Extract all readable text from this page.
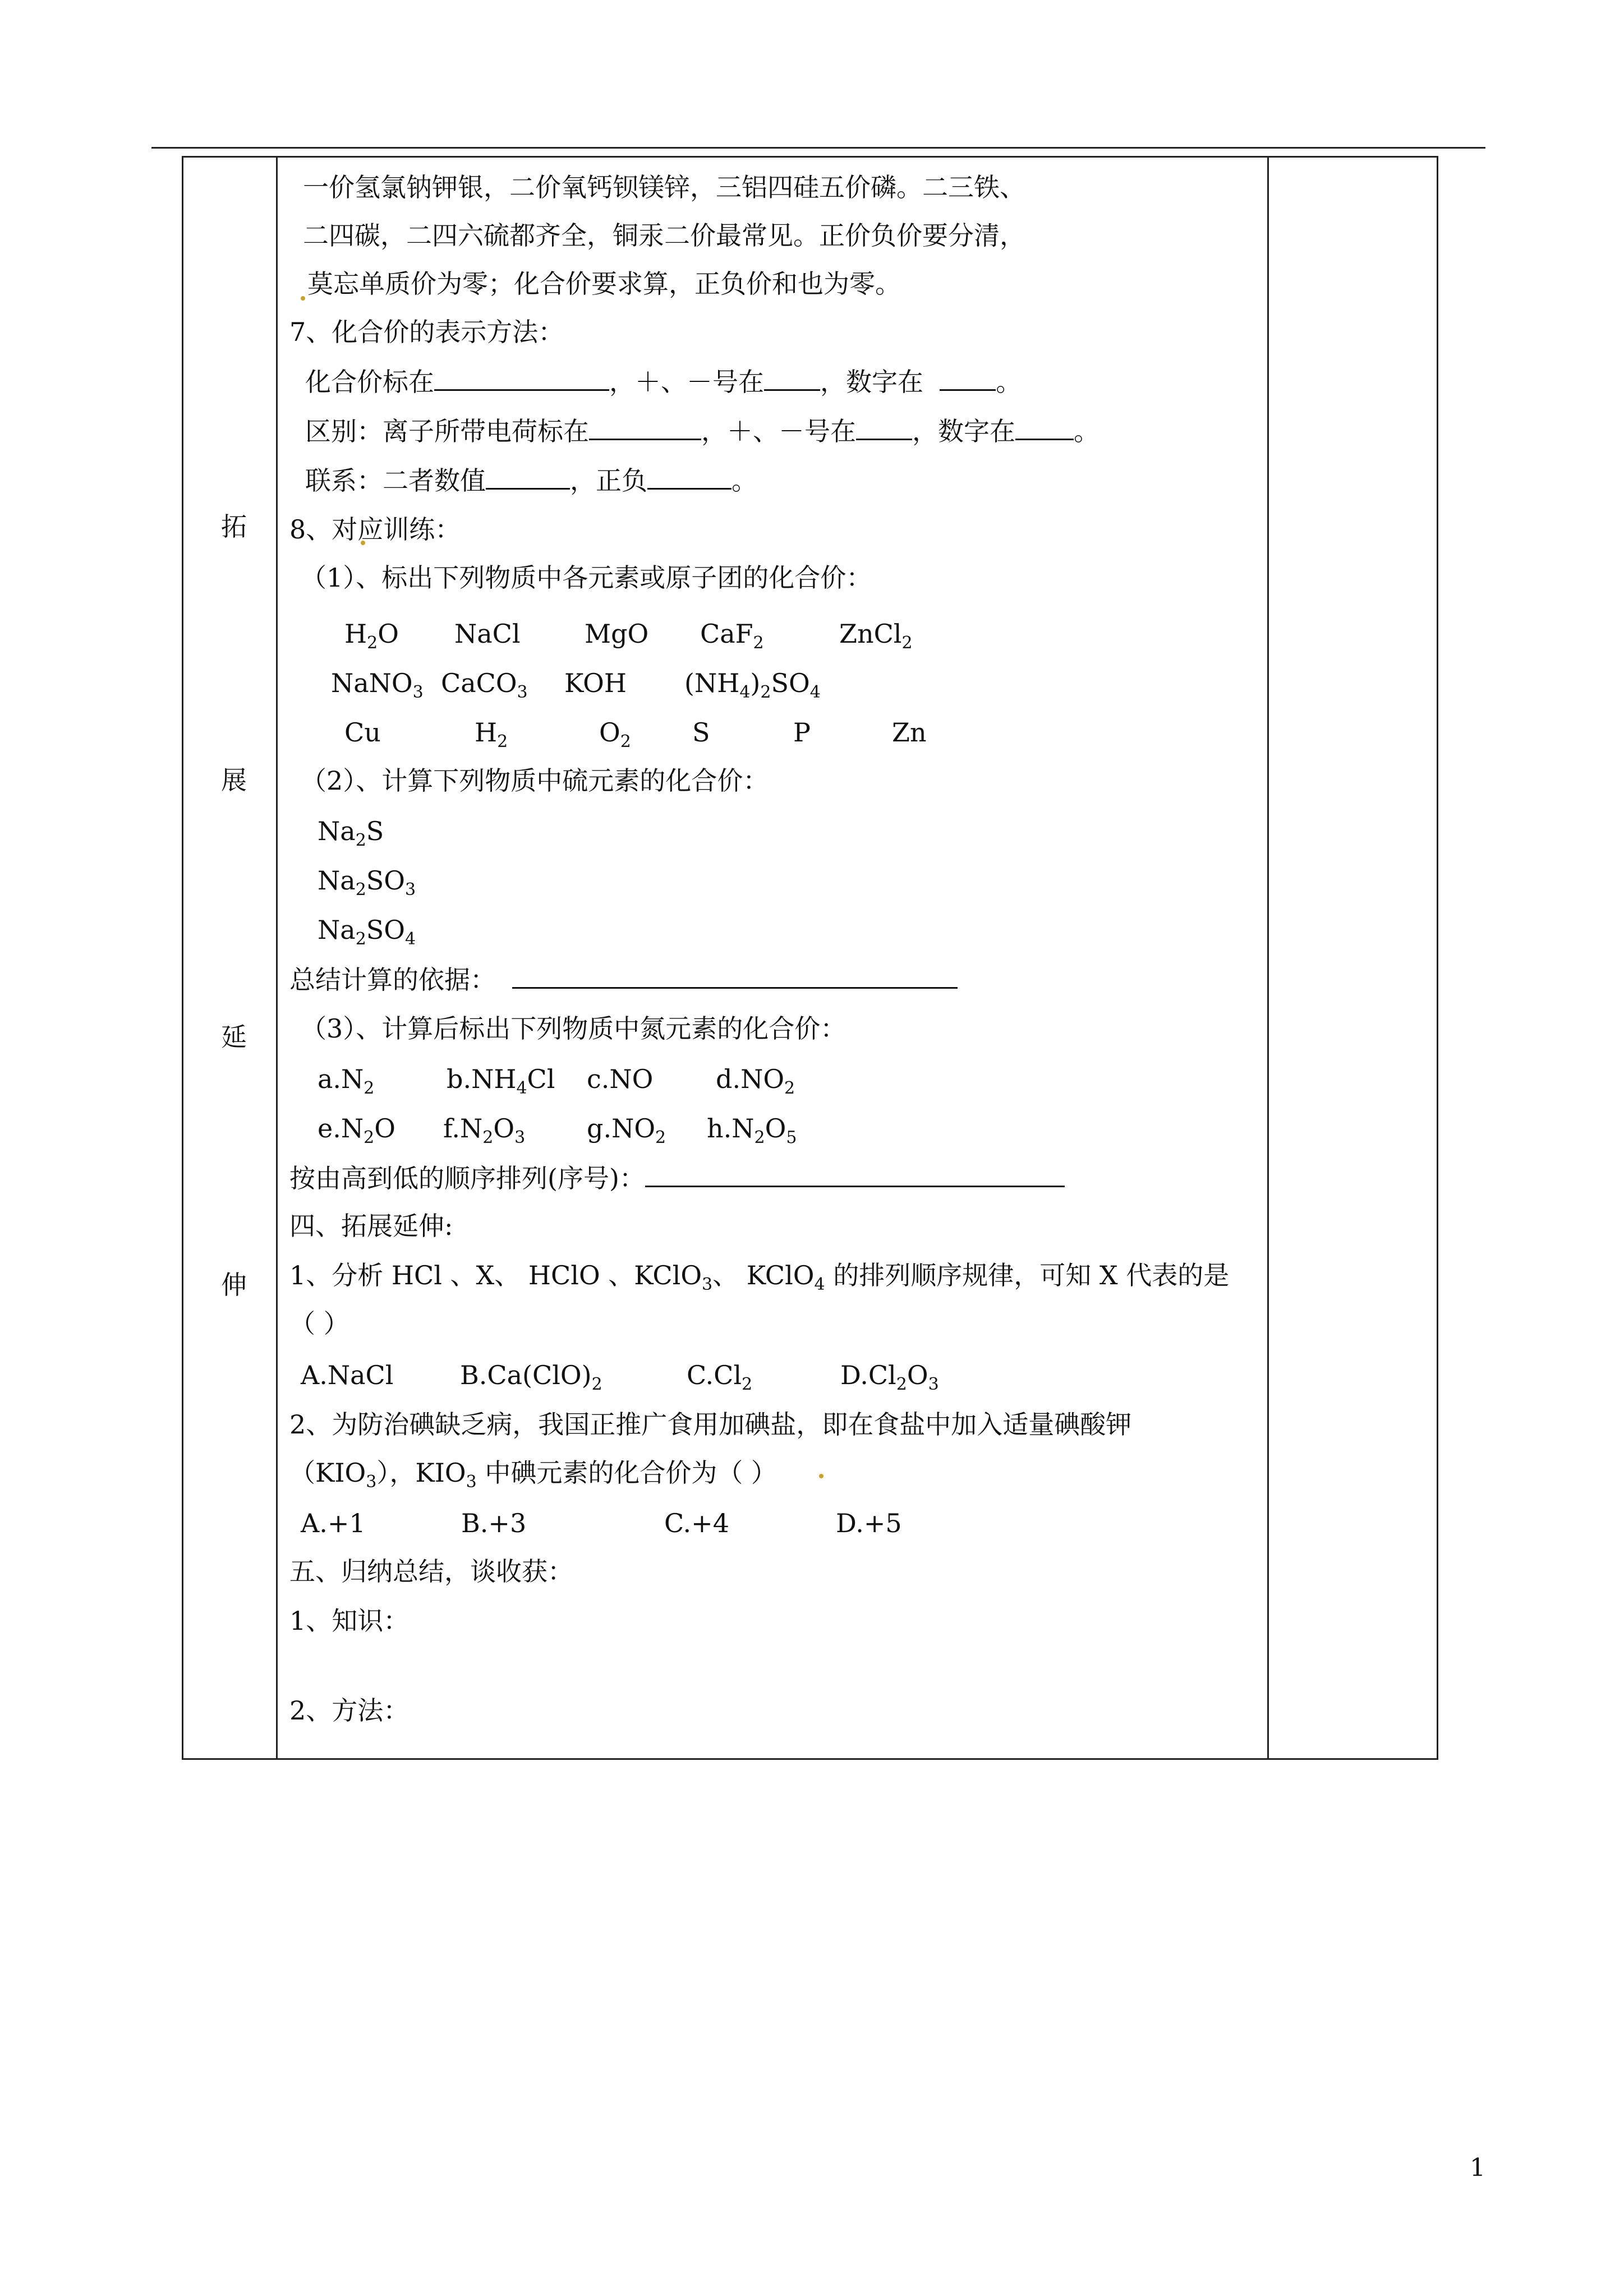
拓
展
延
伸
一价氢氯钠钾银，二价氧钙钡镁锌，三铝四硅五价磷。二三铁、
二四碳，二四六硫都齐全，铜汞二价最常见。正价负价要分清，
莫忘单质价为零；化合价要求算，正负价和也为零。
7、化合价的表示方法：
化合价标在	，＋、－号在 ，数字在	。
区别：离子所带电荷标在	，＋、－号在 ，数字在 。
联系：二者数值	，正负	。
8、对应训练：
（1）、标出下列物质中各元素或原子团的化合价：
$H_2O$ NaCl MgO CaF$_2$	ZnCl$_2$
NaNO$_3$ CaCO$_3$ KOH $(NH_4)_2SO_4$
Cu	$H_2$	$O_2$ S	P	Zn
（2）、计算下列物质中硫元素的化合价：
$Na_2S$
$Na_2SO_3$
$Na_2SO_4$
总结计算的依据：
（3）、计算后标出下列物质中氮元素的化合价：
$a.N_2$	$b.NH_4Cl$ c.NO $d.NO_2$
$e.N_2O$ $f.N_2O_3$ $g.NO_2$ $h.N_2O_5$
按由高到低的顺序排列(序号)：
四、拓展延伸:
1、分析 HCl 、X、 HClO 、KClO$_3$、 KClO$_4$ 的排列顺序规律，可知 X 代表的是
（ ）
A.NaCl	$B.Ca(ClO)_2$	$C.Cl_2$	$D.Cl_2O_3$
2、为防治碘缺乏病，我国正推广食用加碘盐，即在食盐中加入适量碘酸钾
$(KIO_3)$，$KIO_3$ 中碘元素的化合价为（ ）
A.+1	B.+3	C.+4	D.+5
五、归纳总结，谈收获：
1、知识：
2、方法：
1
